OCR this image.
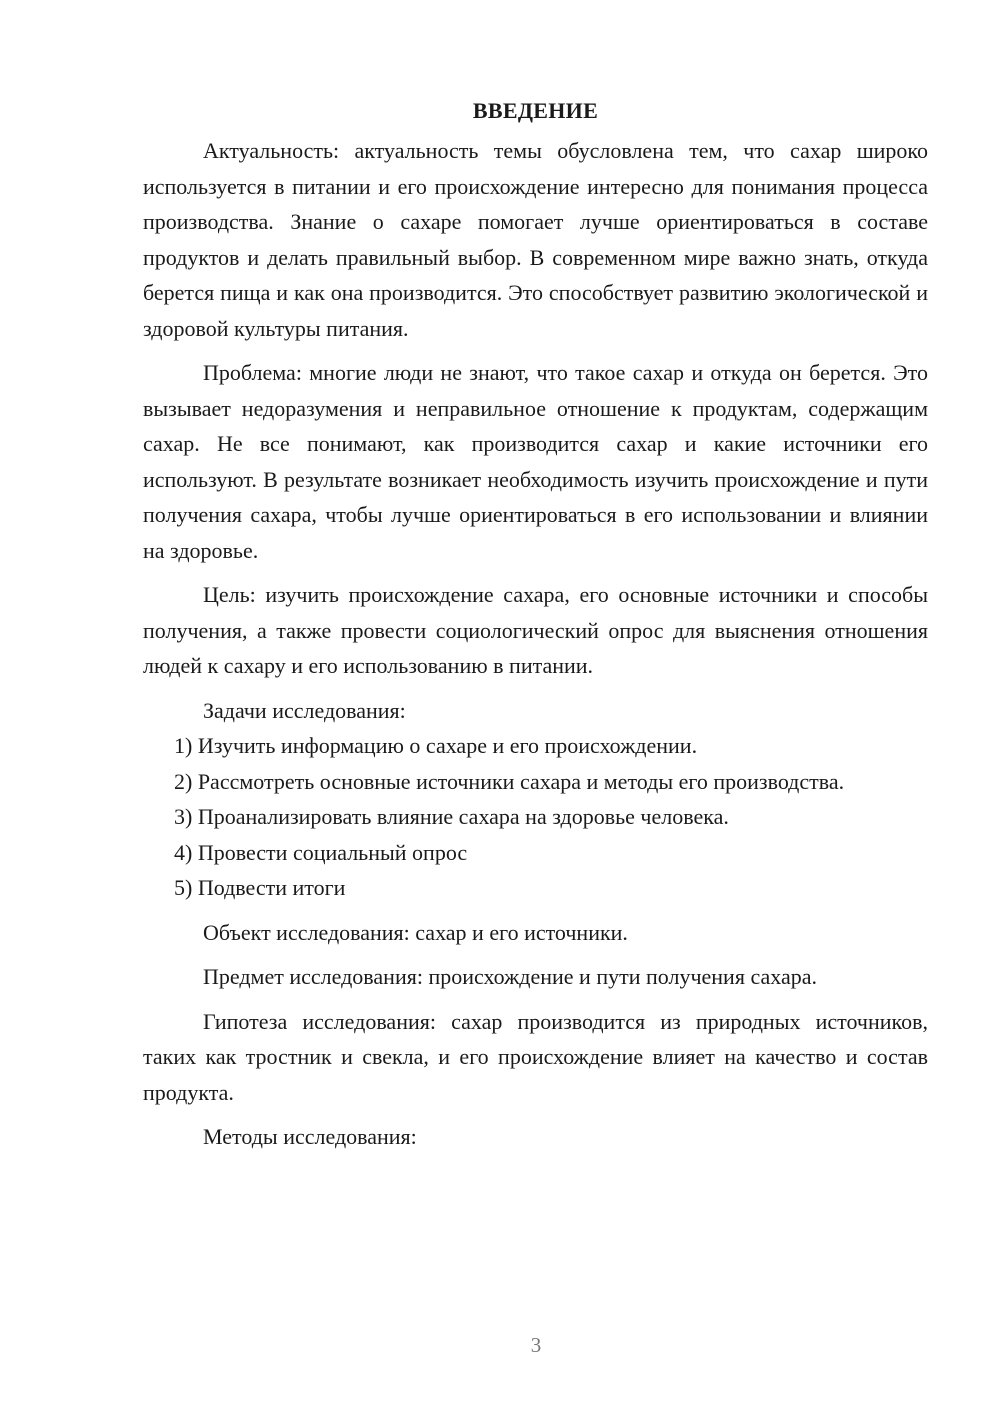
ВВЕДЕНИЕ

Актуальность: актуальность темы обусловлена тем, что сахар широко используется в питании и его происхождение интересно для понимания процесса производства. Знание о сахаре помогает лучше ориентироваться в составе продуктов и делать правильный выбор. В современном мире важно знать, откуда берется пища и как она производится. Это способствует развитию экологической и здоровой культуры питания.

Проблема: многие люди не знают, что такое сахар и откуда он берется. Это вызывает недоразумения и неправильное отношение к продуктам, содержащим сахар. Не все понимают, как производится сахар и какие источники его используют. В результате возникает необходимость изучить происхождение и пути получения сахара, чтобы лучше ориентироваться в его использовании и влиянии на здоровье.

Цель: изучить происхождение сахара, его основные источники и способы получения, а также провести социологический опрос для выяснения отношения людей к сахару и его использованию в питании.

Задачи исследования:

1) Изучить информацию о сахаре и его происхождении.

2) Рассмотреть основные источники сахара и методы его производства.

3) Проанализировать влияние сахара на здоровье человека.

4) Провести социальный опрос

5) Подвести итоги

Объект исследования: сахар и его источники.

Предмет исследования: происхождение и пути получения сахара.

Гипотеза исследования: сахар производится из природных источников, таких как тростник и свекла, и его происхождение влияет на качество и состав продукта.

Методы исследования:

3
